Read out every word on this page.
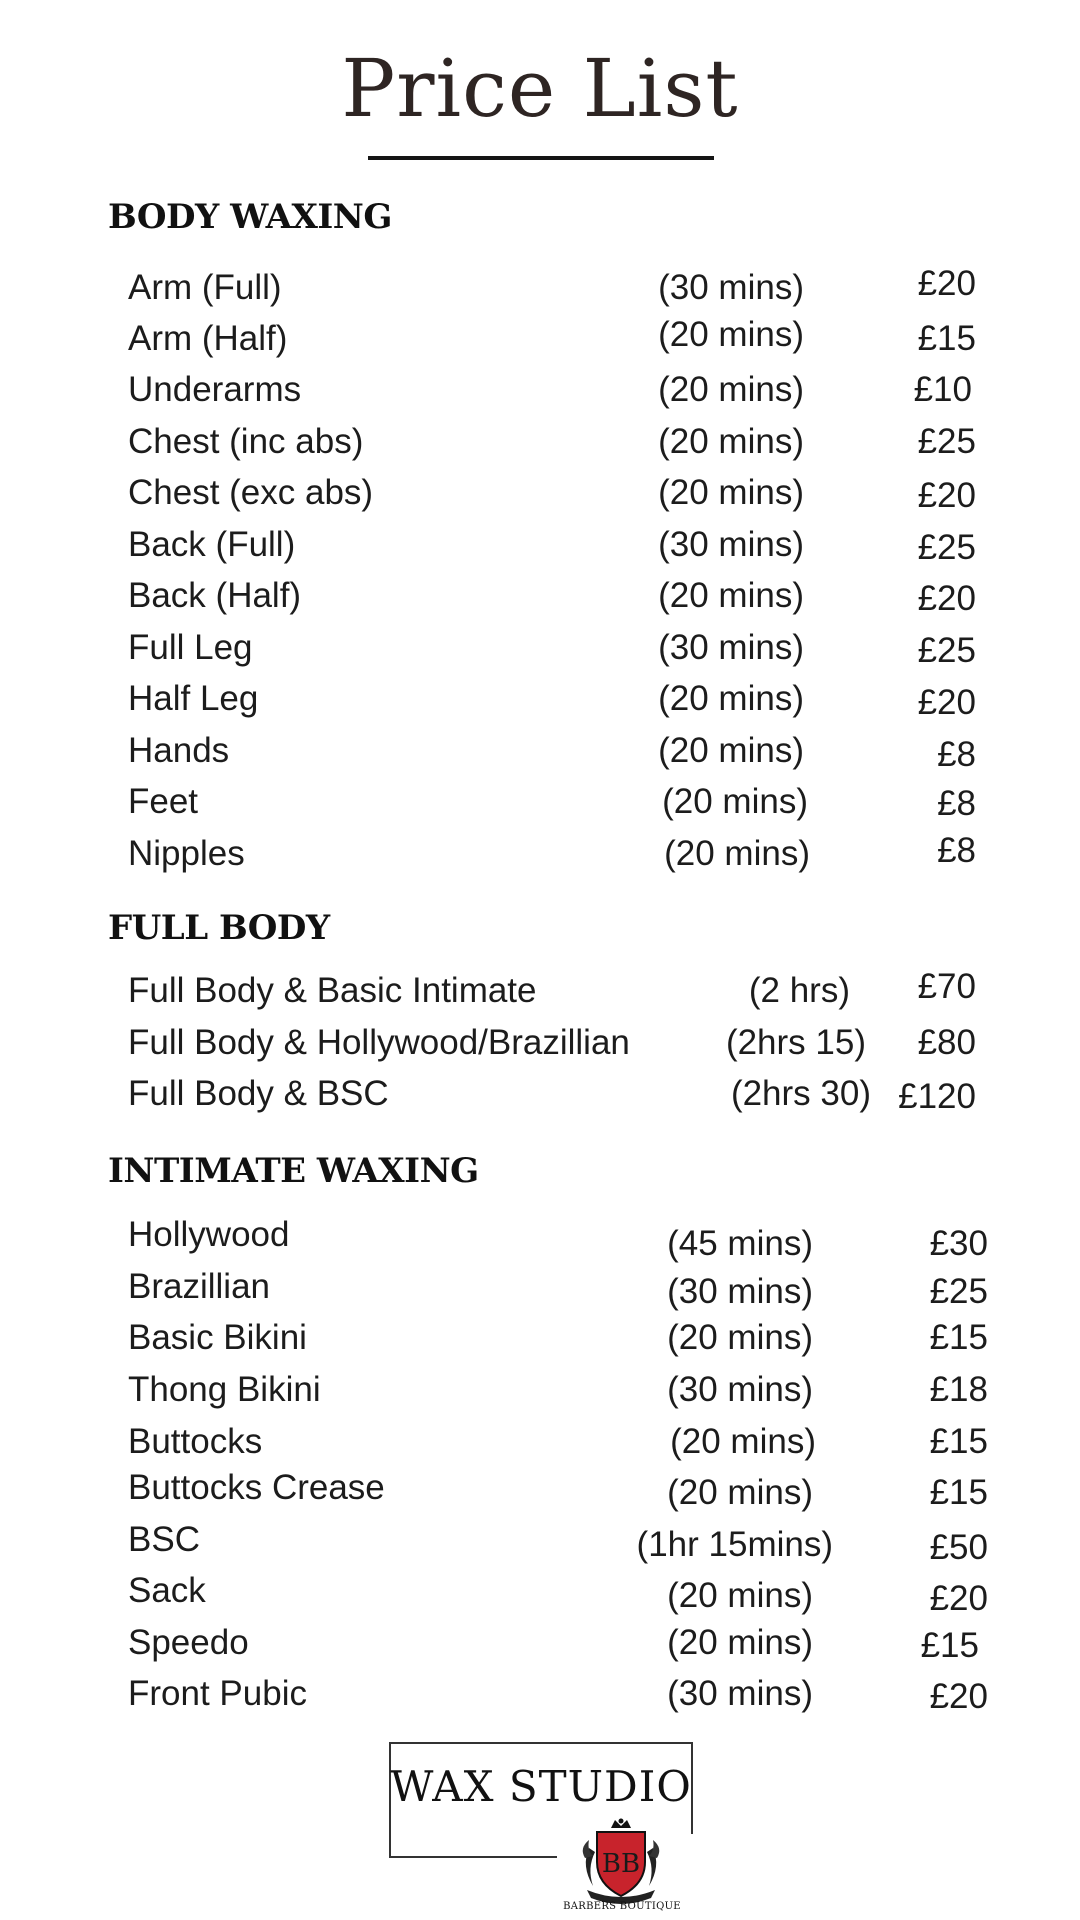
Price List
BODY WAXING
Arm (Full)	(30 mins)	£20
Arm (Half)	(20 mins)	£15
Underarms	(20 mins)	£10
Chest (inc abs)	(20 mins)	£25
Chest (exc abs)	(20 mins)	£20
Back (Full)	(30 mins)	£25
Back (Half)	(20 mins)	£20
Full Leg	(30 mins)	£25
Half Leg	(20 mins)	£20
Hands	(20 mins)	£8
Feet	(20 mins)	£8
Nipples	(20 mins)	£8
FULL BODY
Full Body & Basic Intimate	(2 hrs) £70
Full Body & Hollywood/Brazillian	(2hrs 15) £80
Full Body & BSC	(2hrs 30) £120
INTIMATE WAXING
Hollywood	(45 mins)	£30
Brazillian	(30 mins)	£25
Basic Bikini	(20 mins)	£15
Thong Bikini	(30 mins)	£18
Buttocks	(20 mins)	£15
Buttocks Crease	(20 mins)	£15
BSC	(1hr 15mins)	£50
Sack	(20 mins)	£20
Speedo	(20 mins)	£15
Front Pubic	(30 mins)	£20
WAX STUDIO
BB
BARBERS BOUTIQUE
